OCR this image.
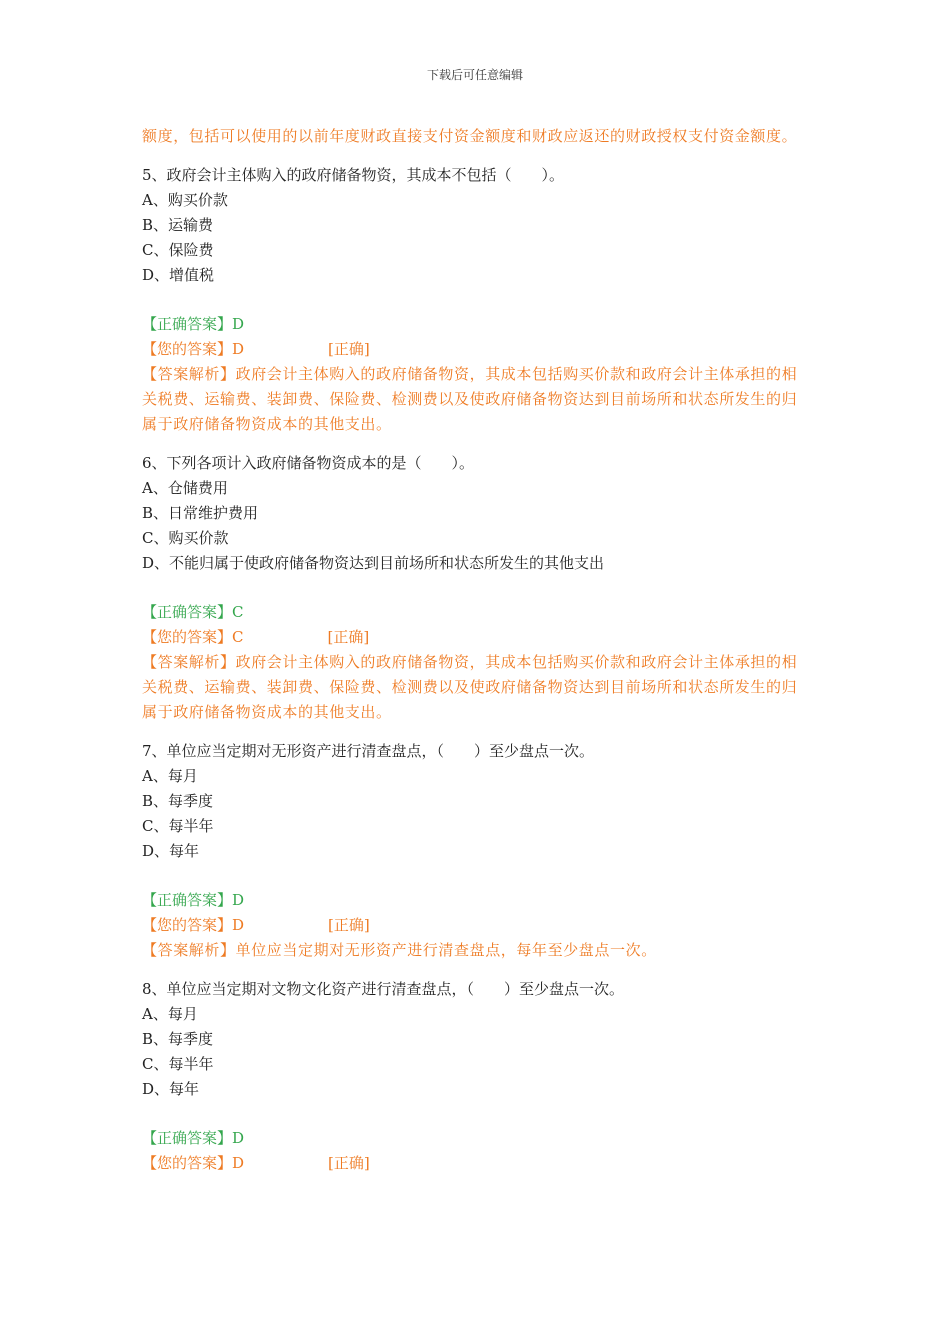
下载后可任意编辑
额度，包括可以使用的以前年度财政直接支付资金额度和财政应返还的财政授权支付资金额度。
5、政府会计主体购入的政府储备物资，其成本不包括（　　）。
A、购买价款
B、运输费
C、保险费
D、增值税
【正确答案】D
【您的答案】D	[正确]
【答案解析】政府会计主体购入的政府储备物资，其成本包括购买价款和政府会计主体承担的相关税费、运输费、装卸费、保险费、检测费以及使政府储备物资达到目前场所和状态所发生的归属于政府储备物资成本的其他支出。
6、下列各项计入政府储备物资成本的是（　　）。
A、仓储费用
B、日常维护费用
C、购买价款
D、不能归属于使政府储备物资达到目前场所和状态所发生的其他支出
【正确答案】C
【您的答案】C	[正确]
【答案解析】政府会计主体购入的政府储备物资，其成本包括购买价款和政府会计主体承担的相关税费、运输费、装卸费、保险费、检测费以及使政府储备物资达到目前场所和状态所发生的归属于政府储备物资成本的其他支出。
7、单位应当定期对无形资产进行清查盘点，（　　）至少盘点一次。
A、每月
B、每季度
C、每半年
D、每年
【正确答案】D
【您的答案】D	[正确]
【答案解析】单位应当定期对无形资产进行清查盘点，每年至少盘点一次。
8、单位应当定期对文物文化资产进行清查盘点，（　　）至少盘点一次。
A、每月
B、每季度
C、每半年
D、每年
【正确答案】D
【您的答案】D	[正确]
